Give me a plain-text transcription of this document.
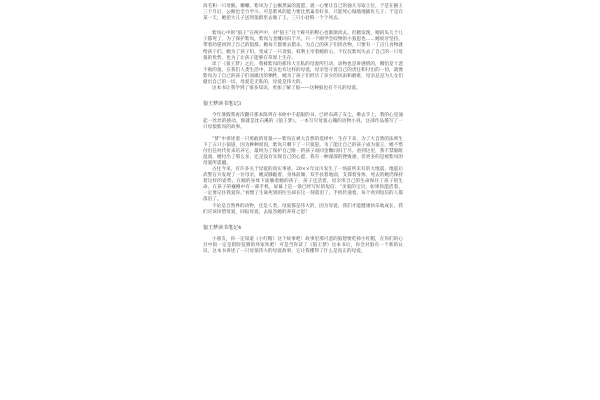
高毛和一只母猴。姗姗。紫凤为了公猴黑巢的遗愿，就一心要让自己的独儿夺取王位，于是在猴王三个月后，公猴也全力学斗。可是紫凤的能力要比黑巢差好多，只能死心塌地地辅佐儿子；于是在某一天，她把大儿子送到狼群里去做了王，三只小豺狗一个个死去。

紫岚心中的“狼王”在两声中，对“狼王”这个称号的野心也渐渐淡去。但她发现，她的头几个儿子都死了，为了保护紫岚，紫岚与金雕同归于尽，只一个刚学会咬物的小狼崽也……她咬牙坚持，带着幼崽回到了自己的狼群。她每天都要去猎杀，为自己的孩子们找食物，只要有一丁点儿食物就给孩子们，她为了孩子们，变成了一只贪狼，权利主宰着她的心，不仅仅紫岚失去了自己的一只母狼的优势，也为了让孩子能够在草原上生存。

读了《狼王梦》之后，我被紫岚的那伟大无私的母爱所打动，动物也是讲感情的，哪怕是十恶不赦的狼，在我们人类生活中，其实也有这样的母爱，母亲坚守着自己的责任和付出的一切，就像紫岚为了自己的孩子们而做出的牺牲，她为了孩子们经历了多少的风雨和磨难，母亲总是为儿女们献出自己的一切，母爱是无私的，母爱是伟大的。

这本书让我学到了很多知识，更加了解了狼——这种狼也有不凡的母爱。

狼王梦读书笔记3

今年暑假我再次翻开那本陈列在书柜中不起眼的书，已经布满了灰尘，拂去手上，我的心里涌起一丝丝的感动，那就是沈石溪的《狼王梦》。一本写尽母狼心魄的动物小说，这部作品描写了一只母狼紫岚的故事。

“梦”中讲述着一只勇敢的母狼——紫岚在被大自然的选择中，生存下来，为了大自然的法则生下了五只小狼崽，因为种种原因，紫岚只剩下了一只狼崽。为了能让自己的孩子成为狼王，她不惜付出任何代价来培养它，最终为了保护自己唯一的孩子而同金雕同归于尽。看到这里，我不禁眼眶湿润，她付出了那么多，还是没有实现自己的心愿，我有一种深深的挫败感，但更多的是被紫岚的母爱所震撼。

古往今来，有许多关于母爱的真实事迹。20××年汶川发生了一场前所未有的大地震，地震后武警官兵发现了一位母亲，她双膝跪着，身体前倾，双手扶着地面，支撑着身体，死去的她仍保持着这样的姿势，在她的身体下面躺着她的孩子，孩子还活着，母亲用自己的生命保住了孩子的生命。在孩子的襁褓中有一部手机，屏幕上是一条已经写好的短信：“亲爱的宝贝，如果你能活着，一定要记住我爱你。”看惯了生离死别的医生却在这一刻落泪了，手机传递着，每个看到短信的人都落泪了。

不论是自然界的动物，还是人类，母爱都是伟大的，因为母爱，我们才能健康快乐地成长，我们应该珍惜母爱，回报母爱，去报答她的养育之恩！

狼王梦读书笔记4

小朋友，你一定知道《小红帽》这个故事吧！故事里那可恶的狼想要吃掉小红帽，在你们的心目中狼一定是阴险狡猾的坏家伙吧！可是当你读了《狼王梦》这本书后，你会对狼有一个新的认识，这本书讲述了一只母狼伟大的母爱故事，它让我懂得了什么是真正的母爱。
